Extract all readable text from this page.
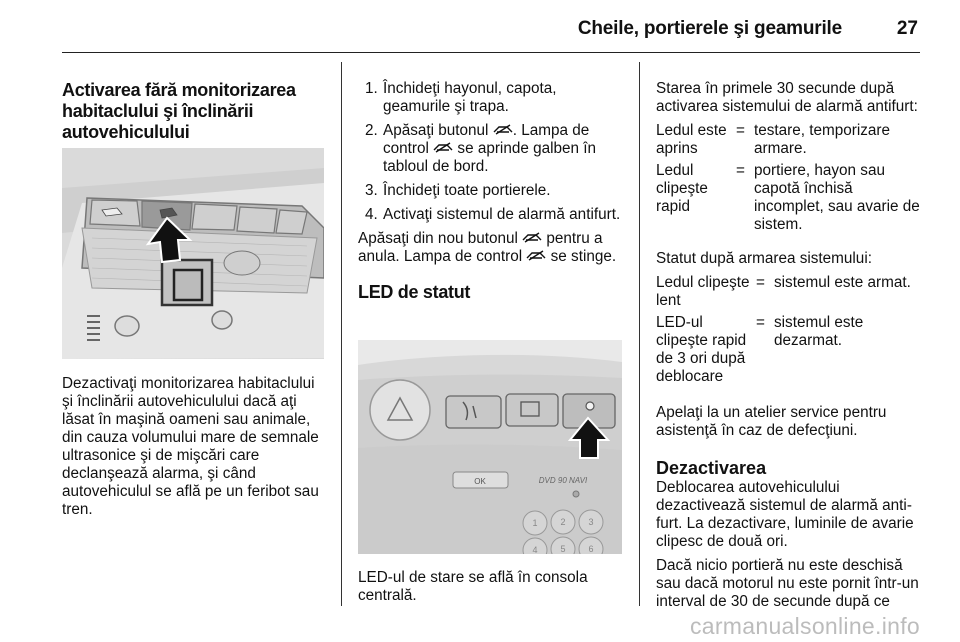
Cheile, portierele şi geamurile	27
Activarea fără monitorizarea habitaclului şi înclinării autovehiculului

Dezactivaţi monitorizarea habitaclului şi înclinării autovehiculului dacă aţi lăsat în maşină oameni sau animale, din cauza volumului mare de semnale ultrasonice şi de mişcări care declanşează alarma, şi când autovehiculul se află pe un feribot sau tren.

1. Închideţi hayonul, capota, geamurile şi trapa.
2. Apăsaţi butonul . Lampa de control se aprinde galben în tabloul de bord.
3. Închideţi toate portierele.
4. Activaţi sistemul de alarmă antifurt.

Apăsaţi din nou butonul pentru a anula. Lampa de control se stinge.

LED de statut
OK	DVD 90 NAVI
1	2	3
4	5	6

LED-ul de stare se află în consola centrală.

Starea în primele 30 secunde după activarea sistemului de alarmă antifurt:

Ledul este aprins
= testare, temporizare armare.
Ledul clipeşte rapid
= portiere, hayon sau capotă închisă incomplet, sau avarie de sistem.

Statut după armarea sistemului:

Ledul clipeşte lent
= sistemul este armat.
LED-ul clipeşte rapid de 3 ori după deblocare
= sistemul este dezarmat.

Apelaţi la un atelier service pentru asistenţă în caz de defecţiuni.

Dezactivarea

Deblocarea autovehiculului dezactivează sistemul de alarmă anti-furt. La dezactivare, luminile de avarie clipesc de două ori.

Dacă nicio portieră nu este deschisă sau dacă motorul nu este pornit într-un interval de 30 de secunde după ce

carmanualsonline.info
